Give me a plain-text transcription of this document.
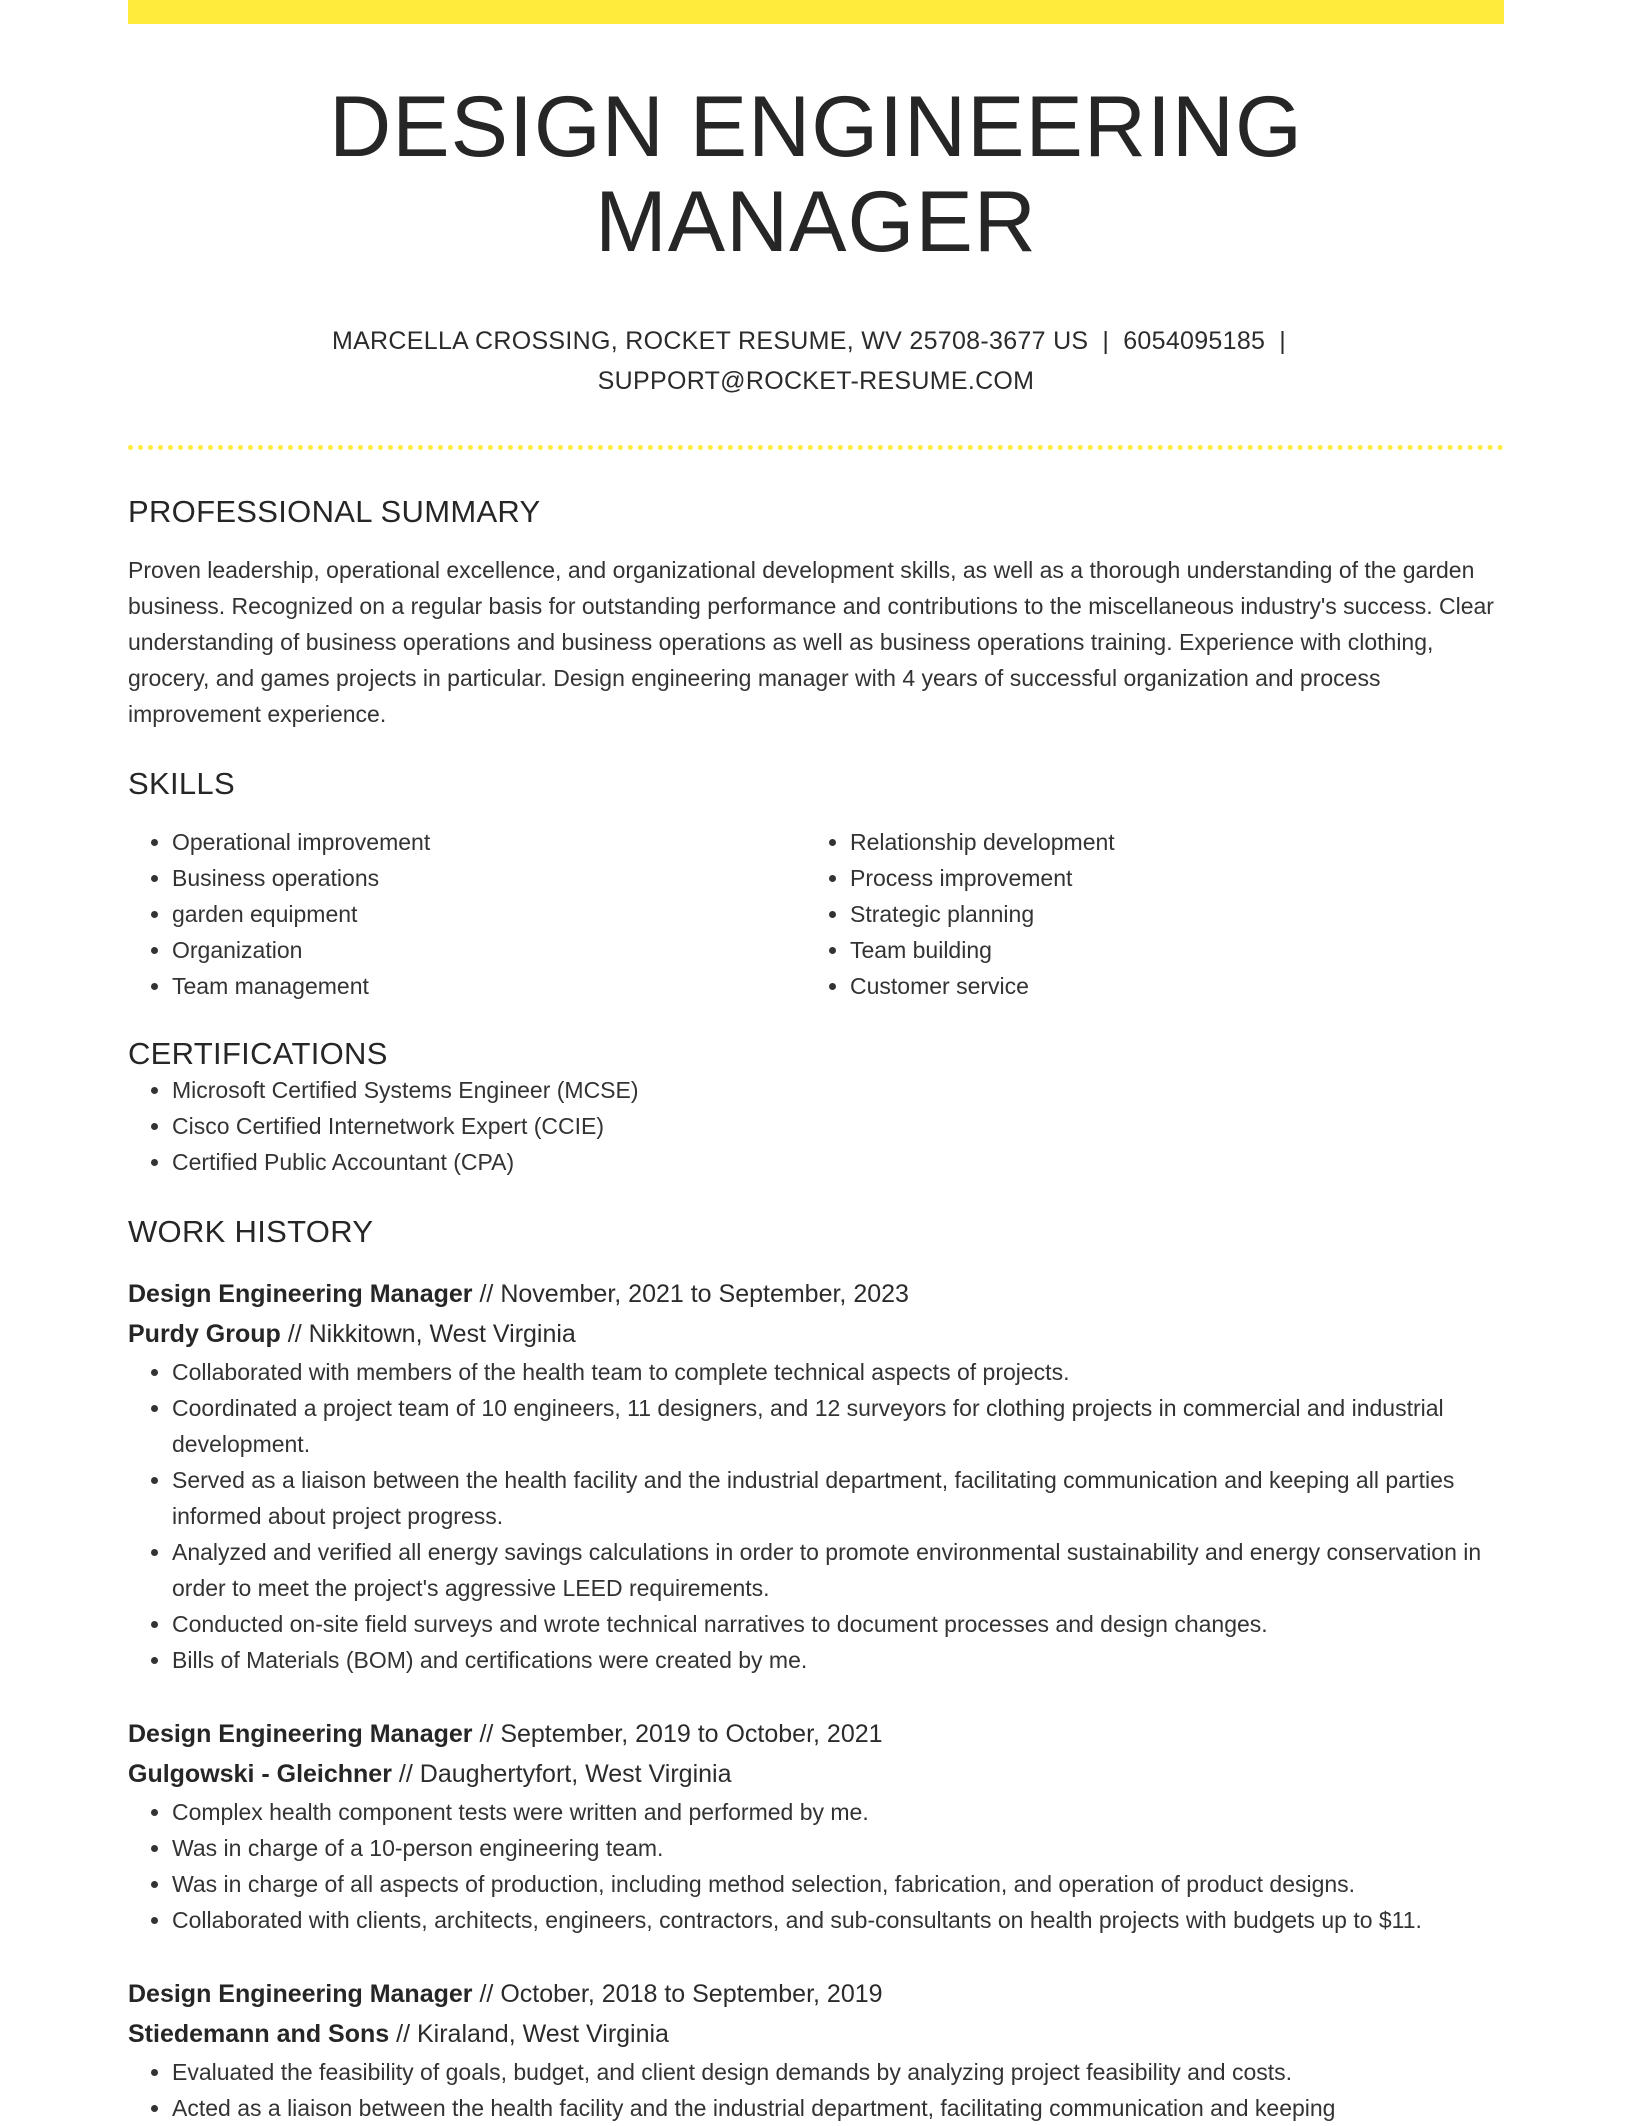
DESIGN ENGINEERING MANAGER
MARCELLA CROSSING, ROCKET RESUME, WV 25708-3677 US | 6054095185 |
SUPPORT@ROCKET-RESUME.COM
PROFESSIONAL SUMMARY

Proven leadership, operational excellence, and organizational development skills, as well as a thorough understanding of the garden business. Recognized on a regular basis for outstanding performance and contributions to the miscellaneous industry's success. Clear understanding of business operations and business operations as well as business operations training. Experience with clothing, grocery, and games projects in particular. Design engineering manager with 4 years of successful organization and process improvement experience.

SKILLS
• Operational improvement
• Business operations
• garden equipment
• Organization
• Team management
• Relationship development
• Process improvement
• Strategic planning
• Team building
• Customer service
CERTIFICATIONS
• Microsoft Certified Systems Engineer (MCSE)
• Cisco Certified Internetwork Expert (CCIE)
• Certified Public Accountant (CPA)
WORK HISTORY
Design Engineering Manager // November, 2021 to September, 2023
Purdy Group // Nikkitown, West Virginia
• Collaborated with members of the health team to complete technical aspects of projects.
• Coordinated a project team of 10 engineers, 11 designers, and 12 surveyors for clothing projects in commercial and industrial development.
• Served as a liaison between the health facility and the industrial department, facilitating communication and keeping all parties informed about project progress.
• Analyzed and verified all energy savings calculations in order to promote environmental sustainability and energy conservation in order to meet the project's aggressive LEED requirements.
• Conducted on-site field surveys and wrote technical narratives to document processes and design changes.
• Bills of Materials (BOM) and certifications were created by me.
Design Engineering Manager // September, 2019 to October, 2021
Gulgowski - Gleichner // Daughertyfort, West Virginia
• Complex health component tests were written and performed by me.
• Was in charge of a 10-person engineering team.
• Was in charge of all aspects of production, including method selection, fabrication, and operation of product designs.
• Collaborated with clients, architects, engineers, contractors, and sub-consultants on health projects with budgets up to $11.
Design Engineering Manager // October, 2018 to September, 2019
Stiedemann and Sons // Kiraland, West Virginia
• Evaluated the feasibility of goals, budget, and client design demands by analyzing project feasibility and costs.
• Acted as a liaison between the health facility and the industrial department, facilitating communication and keeping
